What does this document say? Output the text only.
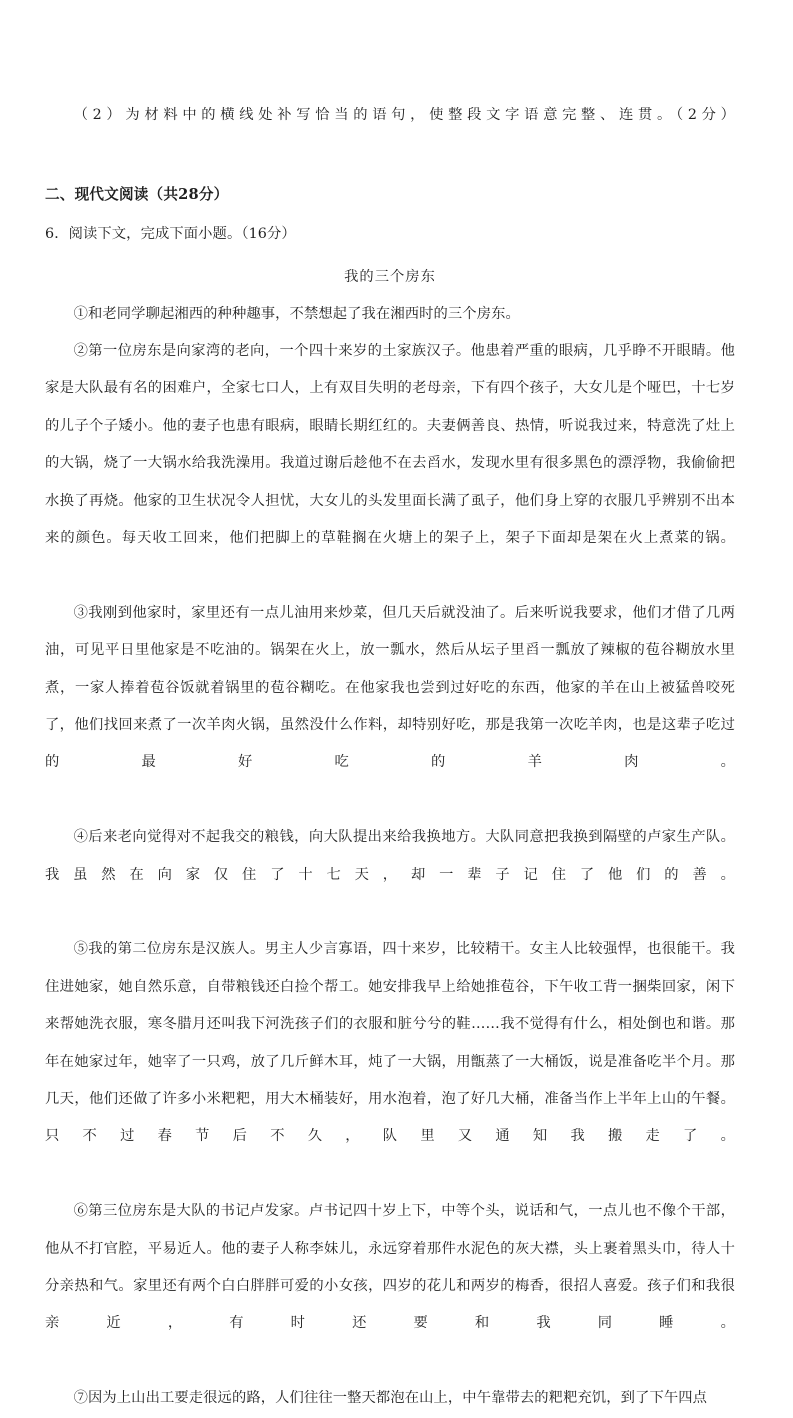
（2）为材料中的横线处补写恰当的语句，使整段文字语意完整、连贯。（2分）

二、现代文阅读（共28分）

6．阅读下文，完成下面小题。（16分）

我的三个房东

①和老同学聊起湘西的种种趣事，不禁想起了我在湘西时的三个房东。

②第一位房东是向家湾的老向，一个四十来岁的土家族汉子。他患着严重的眼病，几乎睁不开眼睛。他家是大队最有名的困难户，全家七口人，上有双目失明的老母亲，下有四个孩子，大女儿是个哑巴，十七岁的儿子个子矮小。他的妻子也患有眼病，眼睛长期红红的。夫妻俩善良、热情，听说我过来，特意洗了灶上的大锅，烧了一大锅水给我洗澡用。我道过谢后趁他不在去舀水，发现水里有很多黑色的漂浮物，我偷偷把水换了再烧。他家的卫生状况令人担忧，大女儿的头发里面长满了虱子，他们身上穿的衣服几乎辨别不出本来的颜色。每天收工回来，他们把脚上的草鞋搁在火塘上的架子上，架子下面却是架在火上煮菜的锅。

③我刚到他家时，家里还有一点儿油用来炒菜，但几天后就没油了。后来听说我要求，他们才借了几两油，可见平日里他家是不吃油的。锅架在火上，放一瓢水，然后从坛子里舀一瓢放了辣椒的苞谷糊放水里煮，一家人捧着苞谷饭就着锅里的苞谷糊吃。在他家我也尝到过好吃的东西，他家的羊在山上被猛兽咬死了，他们找回来煮了一次羊肉火锅，虽然没什么作料，却特别好吃，那是我第一次吃羊肉，也是这辈子吃过的最好吃的羊肉。

④后来老向觉得对不起我交的粮钱，向大队提出来给我换地方。大队同意把我换到隔壁的卢家生产队。我虽然在向家仅住了十七天，却一辈子记住了他们的善。

⑤我的第二位房东是汉族人。男主人少言寡语，四十来岁，比较精干。女主人比较强悍，也很能干。我住进她家，她自然乐意，自带粮钱还白捡个帮工。她安排我早上给她推苞谷，下午收工背一捆柴回家，闲下来帮她洗衣服，寒冬腊月还叫我下河洗孩子们的衣服和脏兮兮的鞋……我不觉得有什么，相处倒也和谐。那年在她家过年，她宰了一只鸡，放了几斤鲜木耳，炖了一大锅，用甑蒸了一大桶饭，说是准备吃半个月。那几天，他们还做了许多小米粑粑，用大木桶装好，用水泡着，泡了好几大桶，准备当作上半年上山的午餐。只不过春节后不久，队里又通知我搬走了。

⑥第三位房东是大队的书记卢发家。卢书记四十岁上下，中等个头，说话和气，一点儿也不像个干部，他从不打官腔，平易近人。他的妻子人称李妹儿，永远穿着那件水泥色的灰大襟，头上裹着黑头巾，待人十分亲热和气。家里还有两个白白胖胖可爱的小女孩，四岁的花儿和两岁的梅香，很招人喜爱。孩子们和我很亲近，有时还要和我同睡。

⑦因为上山出工要走很远的路，人们往往一整天都泡在山上，中午靠带去的粑粑充饥，到了下午四点
